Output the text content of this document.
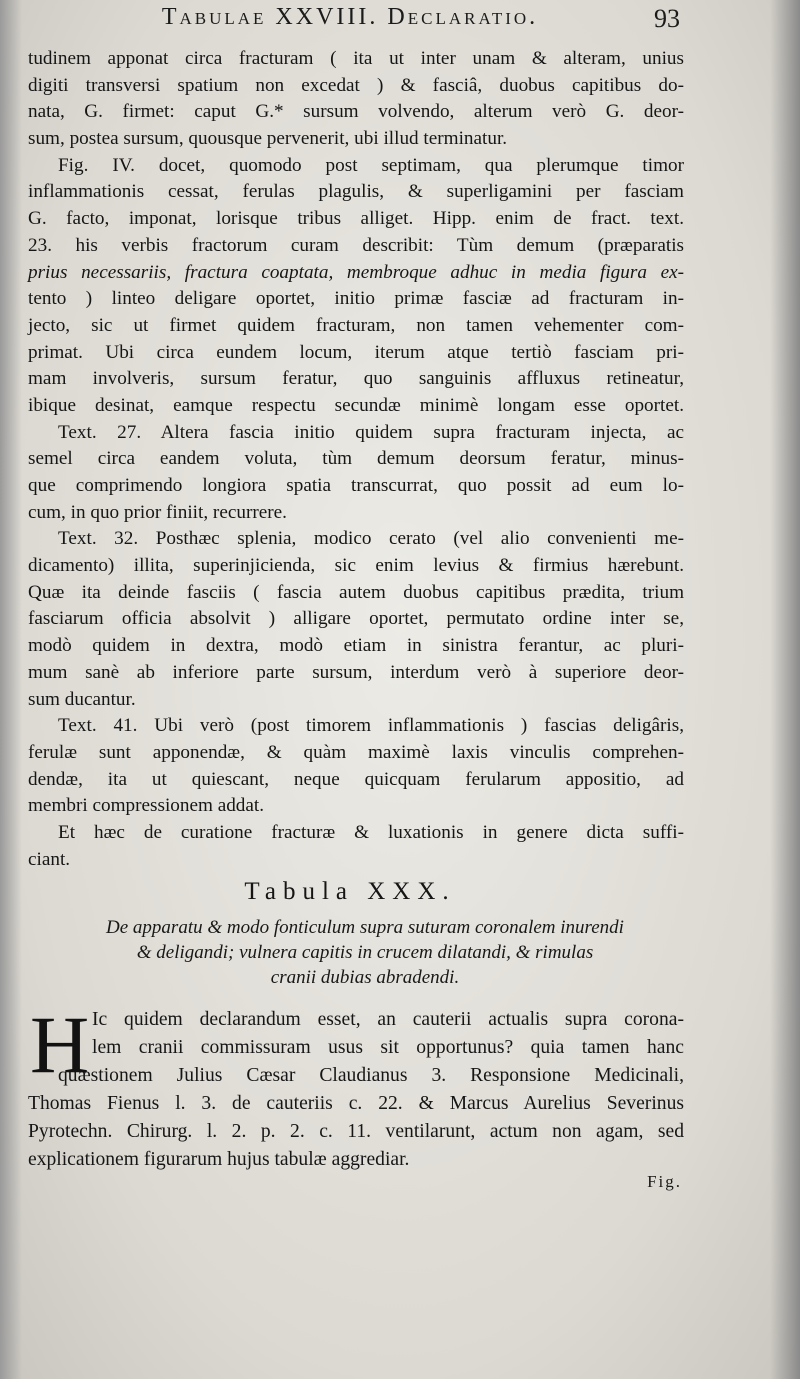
Tabulae XXVIII. Declaratio.	93
tudinem apponat circa fracturam ( ita ut inter unam & alteram, unius
digiti transversi spatium non excedat ) & fasciâ, duobus capitibus do-
nata, G. firmet: caput G.* sursum volvendo, alterum verò G. deor-
sum, postea sursum, quousque pervenerit, ubi illud terminatur.
Fig. IV. docet, quomodo post septimam, qua plerumque timor
inflammationis cessat, ferulas plagulis, & superligamini per fasciam
G. facto, imponat, lorisque tribus alliget. Hipp. enim de fract. text.
23. his verbis fractorum curam describit: Tùm demum (præparatis
prius necessariis, fractura coaptata, membroque adhuc in media figura ex-
tento ) linteo deligare oportet, initio primæ fasciæ ad fracturam in-
jecto, sic ut firmet quidem fracturam, non tamen vehementer com-
primat. Ubi circa eundem locum, iterum atque tertiò fasciam pri-
mam involveris, sursum feratur, quo sanguinis affluxus retineatur,
ibique desinat, eamque respectu secundæ minimè longam esse oportet.
Text. 27. Altera fascia initio quidem supra fracturam injecta, ac
semel circa eandem voluta, tùm demum deorsum feratur, minus-
que comprimendo longiora spatia transcurrat, quo possit ad eum lo-
cum, in quo prior finiit, recurrere.
Text. 32. Posthæc splenia, modico cerato (vel alio convenienti me-
dicamento) illita, superinjicienda, sic enim levius & firmius hærebunt.
Quæ ita deinde fasciis ( fascia autem duobus capitibus prædita, trium
fasciarum officia absolvit ) alligare oportet, permutato ordine inter se,
modò quidem in dextra, modò etiam in sinistra ferantur, ac pluri-
mum sanè ab inferiore parte sursum, interdum verò à superiore deor-
sum ducantur.
Text. 41. Ubi verò (post timorem inflammationis ) fascias deligâris,
ferulæ sunt apponendæ, & quàm maximè laxis vinculis comprehen-
dendæ, ita ut quiescant, neque quicquam ferularum appositio, ad
membri compressionem addat.
Et hæc de curatione fracturæ & luxationis in genere dicta suffi-
ciant.
Tabula XXX.
De apparatu & modo fonticulum supra suturam coronalem inurendi
& deligandi; vulnera capitis in crucem dilatandi, & rimulas
cranii dubias abradendi.
H Ic quidem declarandum esset, an cauterii actualis supra corona-
lem cranii commissuram usus sit opportunus? quia tamen hanc
quæstionem Julius Cæsar Claudianus 3. Responsione Medicinali,
Thomas Fienus l. 3. de cauteriis c. 22. & Marcus Aurelius Severinus
Pyrotechn. Chirurg. l. 2. p. 2. c. 11. ventilarunt, actum non agam, sed
explicationem figurarum hujus tabulæ aggrediar.
Fig.
